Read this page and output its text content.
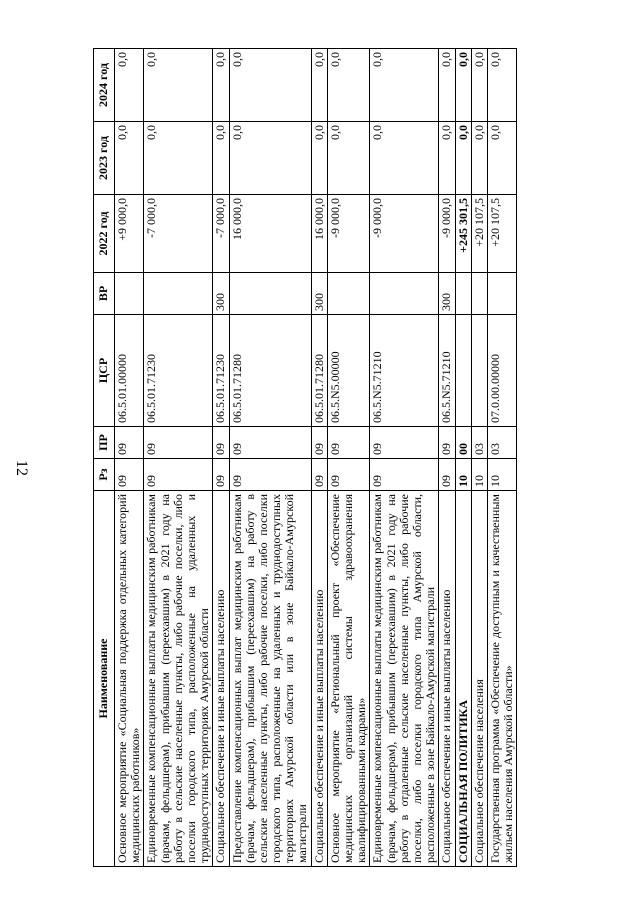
12
Наименование	Рз	ПР	ЦСР	ВР	2022 год	2023 год	2024 год
Основное мероприятие «Социальная поддержка отдельных категорий медицинских работников»	09	09	06.5.01.00000		+9 000,0	0,0	0,0
Единовременные компенсационные выплаты медицинским работникам (врачам, фельдшерам), прибывшим (переехавшим) в 2021 году на работу в сельские населенные пункты, либо рабочие поселки, либо поселки городского типа, расположенные на удаленных и труднодоступных территориях Амурской области	09	09	06.5.01.71230		-7 000,0	0,0	0,0
Социальное обеспечение и иные выплаты населению	09	09	06.5.01.71230	300	-7 000,0	0,0	0,0
Предоставление компенсационных выплат медицинским работникам (врачам, фельдшерам), прибывшим (переехавшим) на работу в сельские населенные пункты, либо рабочие поселки, либо поселки городского типа, расположенные на удаленных и труднодоступных территориях Амурской области или в зоне Байкало-Амурской магистрали	09	09	06.5.01.71280		16 000,0	0,0	0,0
Социальное обеспечение и иные выплаты населению	09	09	06.5.01.71280	300	16 000,0	0,0	0,0
Основное мероприятие «Региональный проект «Обеспечение медицинских организаций системы здравоохранения квалифицированными кадрами»	09	09	06.5.N5.00000		-9 000,0	0,0	0,0
Единовременные компенсационные выплаты медицинским работникам (врачам, фельдшерам), прибывшим (переехавшим) в 2021 году на работу в отдаленные сельские населенные пункты, либо рабочие поселки, либо поселки городского типа Амурской области, расположенные в зоне Байкало-Амурской магистрали	09	09	06.5.N5.71210		-9 000,0	0,0	0,0
Социальное обеспечение и иные выплаты населению	09	09	06.5.N5.71210	300	-9 000,0	0,0	0,0
СОЦИАЛЬНАЯ ПОЛИТИКА	10	00			+245 301,5	0,0	0,0
Социальное обеспечение населения	10	03			+20 107,5	0,0	0,0
Государственная программа «Обеспечение доступным и качественным жильем населения Амурской области»	10	03	07.0.00.00000		+20 107,5	0,0	0,0
